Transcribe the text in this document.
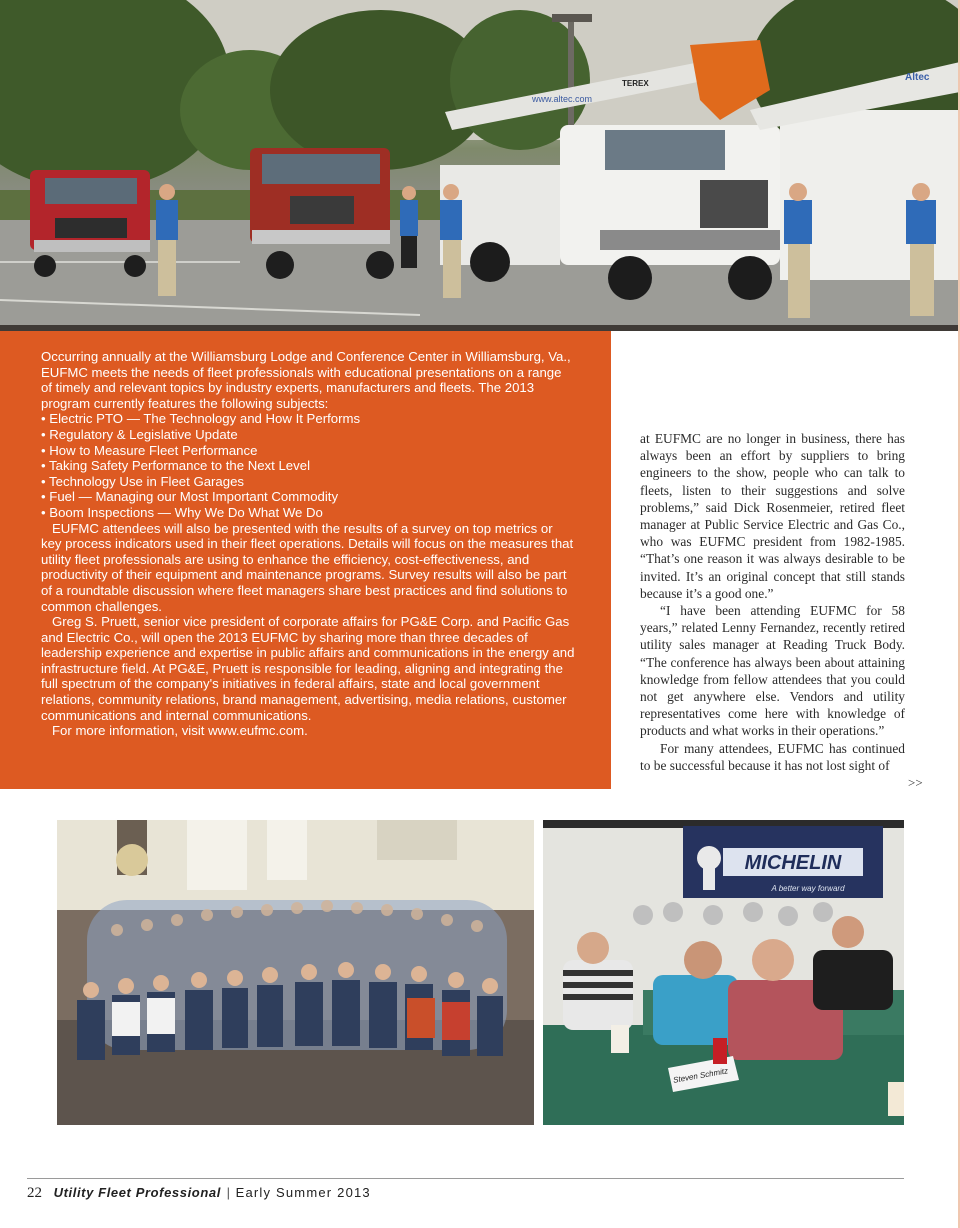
www.altec.com
TEREX
Altec

Occurring annually at the Williamsburg Lodge and Conference Center in Williamsburg, Va., EUFMC meets the needs of fleet professionals with educational presentations on a range of timely and relevant topics by industry experts, manufacturers and fleets. The 2013 program currently features the following subjects:

• Electric PTO — The Technology and How It Performs
• Regulatory & Legislative Update
• How to Measure Fleet Performance
• Taking Safety Performance to the Next Level
• Technology Use in Fleet Garages
• Fuel — Managing our Most Important Commodity
• Boom Inspections — Why We Do What We Do

EUFMC attendees will also be presented with the results of a survey on top metrics or key process indicators used in their fleet operations. Details will focus on the measures that utility fleet professionals are using to enhance the efficiency, cost-effectiveness, and productivity of their equipment and maintenance programs. Survey results will also be part of a roundtable discussion where fleet managers share best practices and find solutions to common challenges.

Greg S. Pruett, senior vice president of corporate affairs for PG&E Corp. and Pacific Gas and Electric Co., will open the 2013 EUFMC by sharing more than three decades of leadership experience and expertise in public affairs and communications in the energy and infrastructure field. At PG&E, Pruett is responsible for leading, aligning and integrating the full spectrum of the company's initiatives in federal affairs, state and local government relations, community relations, brand management, advertising, media relations, customer communications and internal communications.

For more information, visit www.eufmc.com.

at EUFMC are no longer in business, there has always been an effort by suppliers to bring engineers to the show, people who can talk to fleets, listen to their suggestions and solve problems,” said Dick Rosenmeier, retired fleet manager at Public Service Electric and Gas Co., who was EUFMC president from 1982-1985. “That’s one reason it was always desirable to be invited. It’s an original concept that still stands because it’s a good one.”

“I have been attending EUFMC for 58 years,” related Lenny Fernandez, recently retired utility sales manager at Reading Truck Body. “The conference has always been about attaining knowledge from fellow attendees that you could not get anywhere else. Vendors and utility representatives come here with knowledge of products and what works in their operations.”

For many attendees, EUFMC has continued to be successful because it has not lost sight of

>>
MICHELIN
A better way forward
Steven Schmitz
22 Utility Fleet Professional | Early Summer 2013
